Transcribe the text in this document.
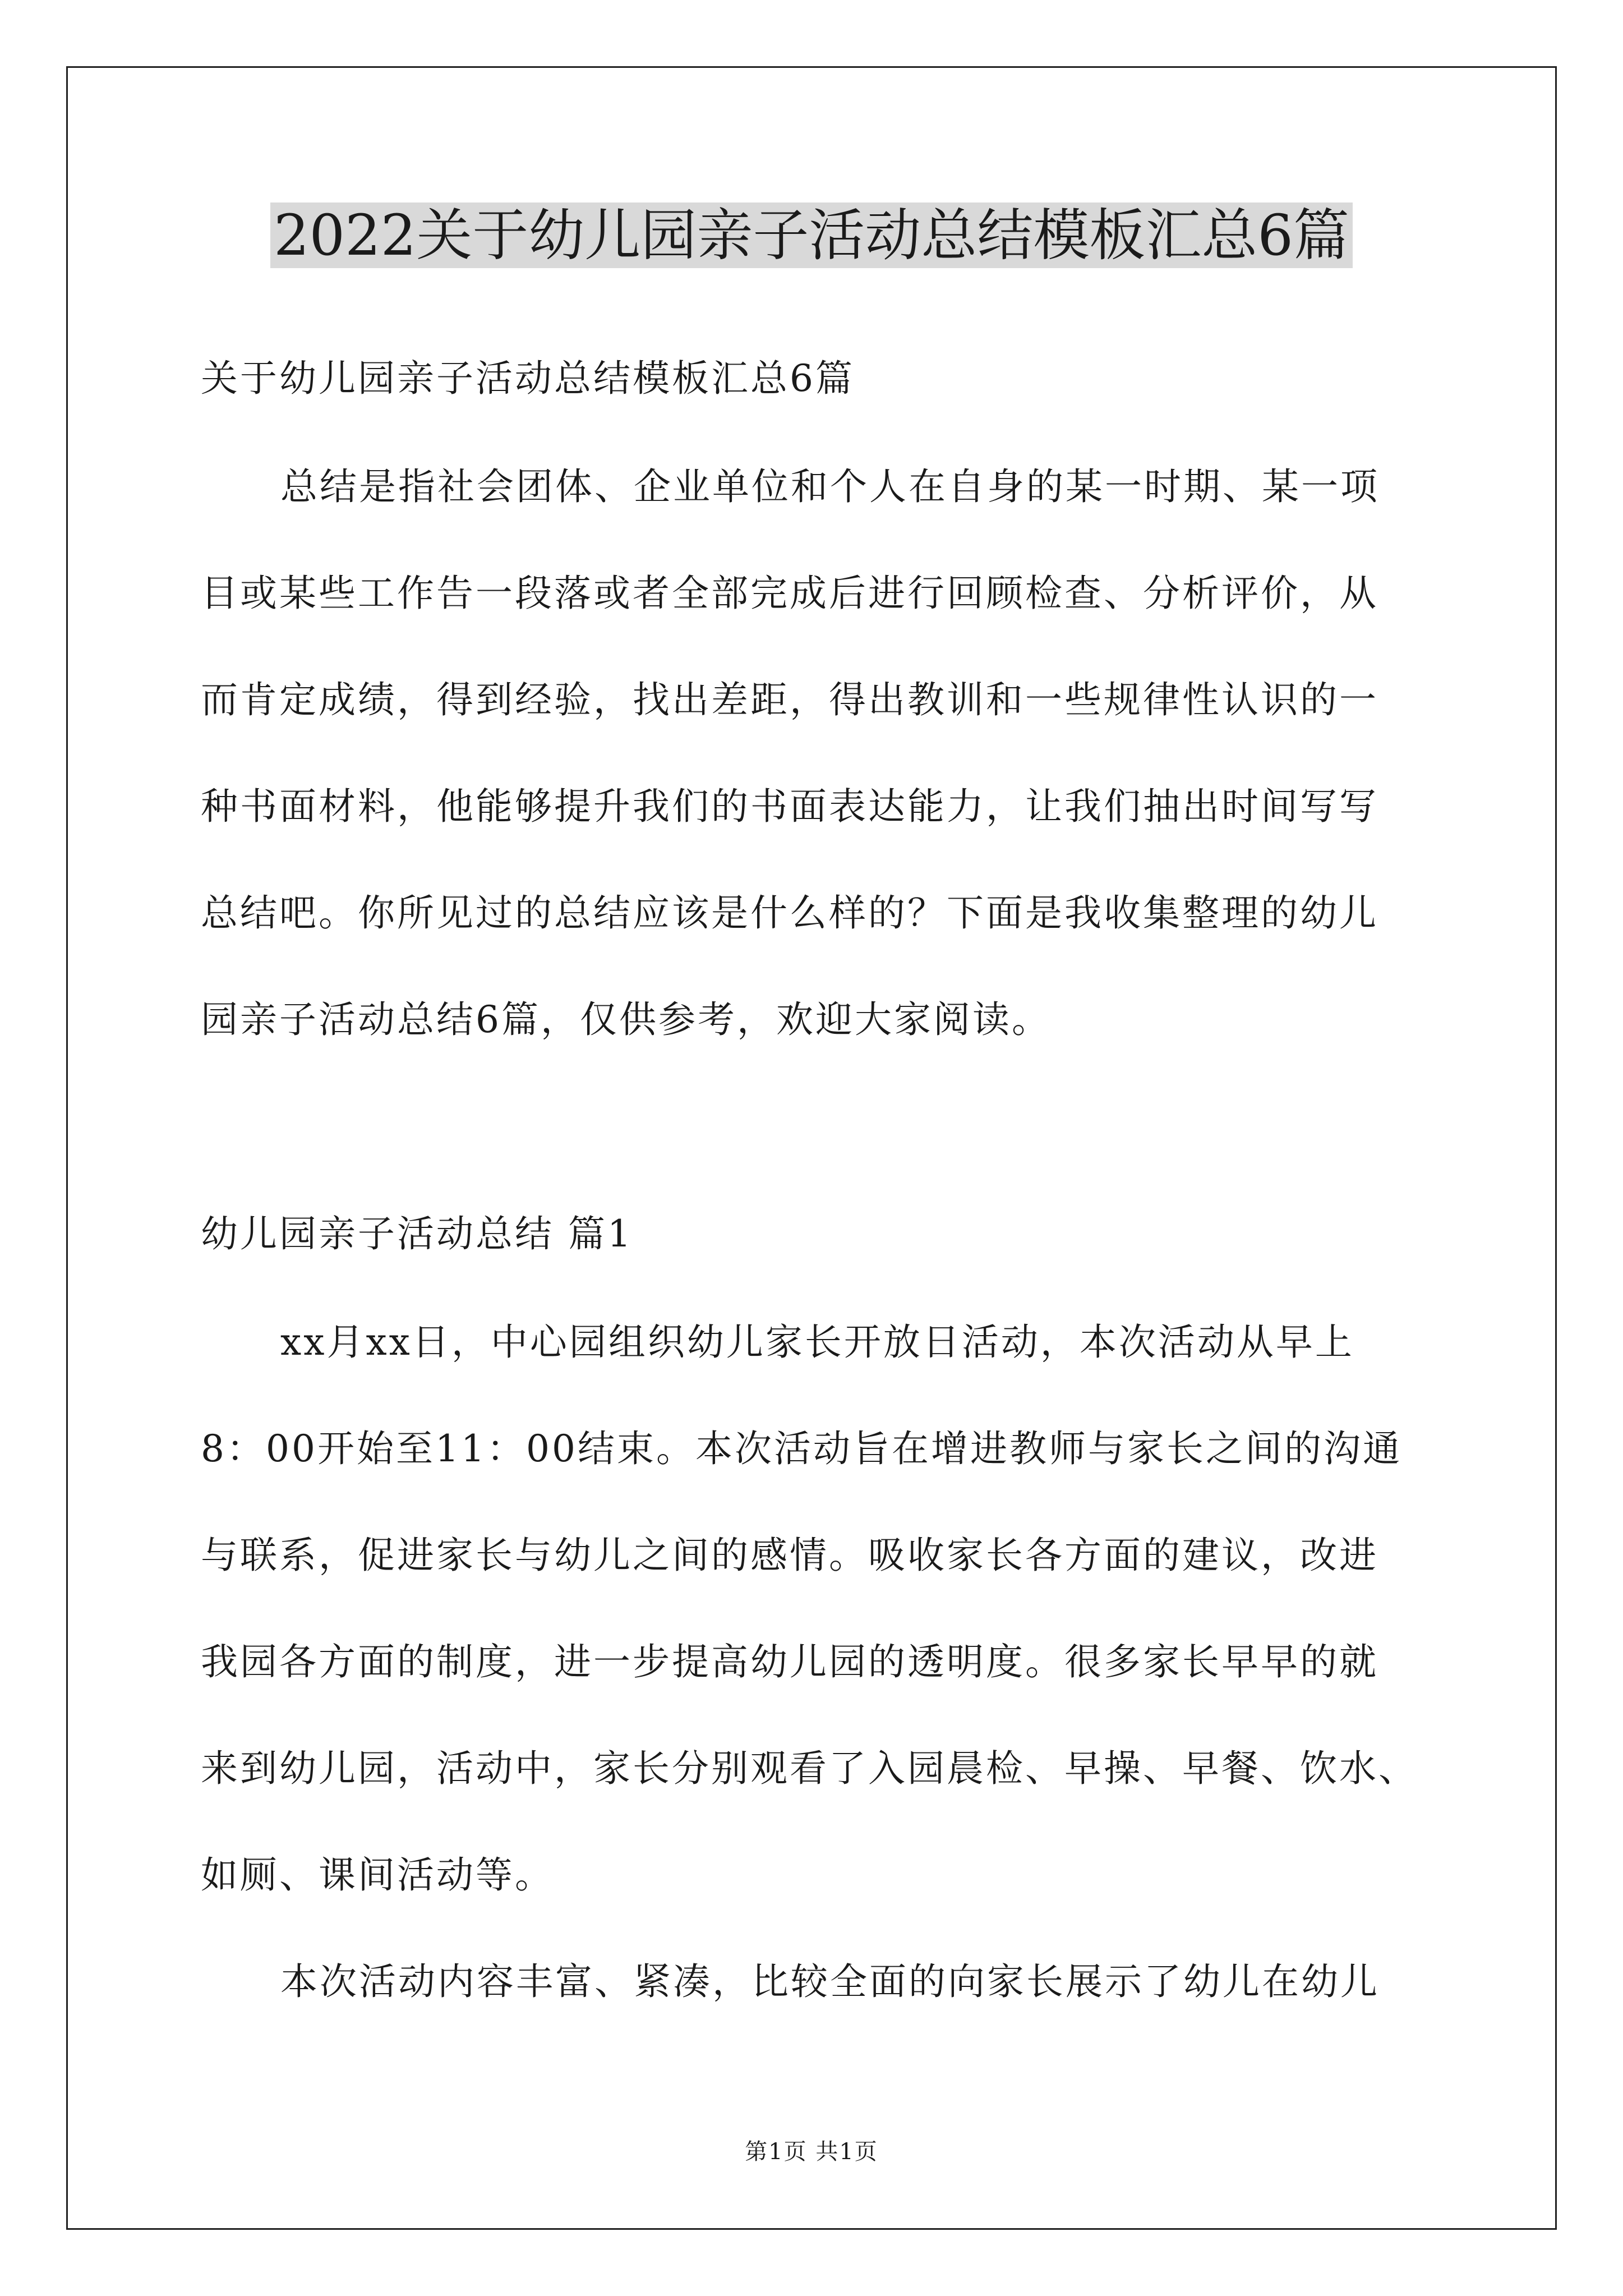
2022关于幼儿园亲子活动总结模板汇总6篇
关于幼儿园亲子活动总结模板汇总6篇
总结是指社会团体、企业单位和个人在自身的某一时期、某一项
目或某些工作告一段落或者全部完成后进行回顾检查、分析评价，从
而肯定成绩，得到经验，找出差距，得出教训和一些规律性认识的一
种书面材料，他能够提升我们的书面表达能力，让我们抽出时间写写
总结吧。你所见过的总结应该是什么样的？下面是我收集整理的幼儿
园亲子活动总结6篇，仅供参考，欢迎大家阅读。
幼儿园亲子活动总结 篇1
xx月xx日，中心园组织幼儿家长开放日活动，本次活动从早上
8：00开始至11：00结束。本次活动旨在增进教师与家长之间的沟通
与联系，促进家长与幼儿之间的感情。吸收家长各方面的建议，改进
我园各方面的制度，进一步提高幼儿园的透明度。很多家长早早的就
来到幼儿园，活动中，家长分别观看了入园晨检、早操、早餐、饮水、
如厕、课间活动等。
本次活动内容丰富、紧凑，比较全面的向家长展示了幼儿在幼儿
第1页 共1页
